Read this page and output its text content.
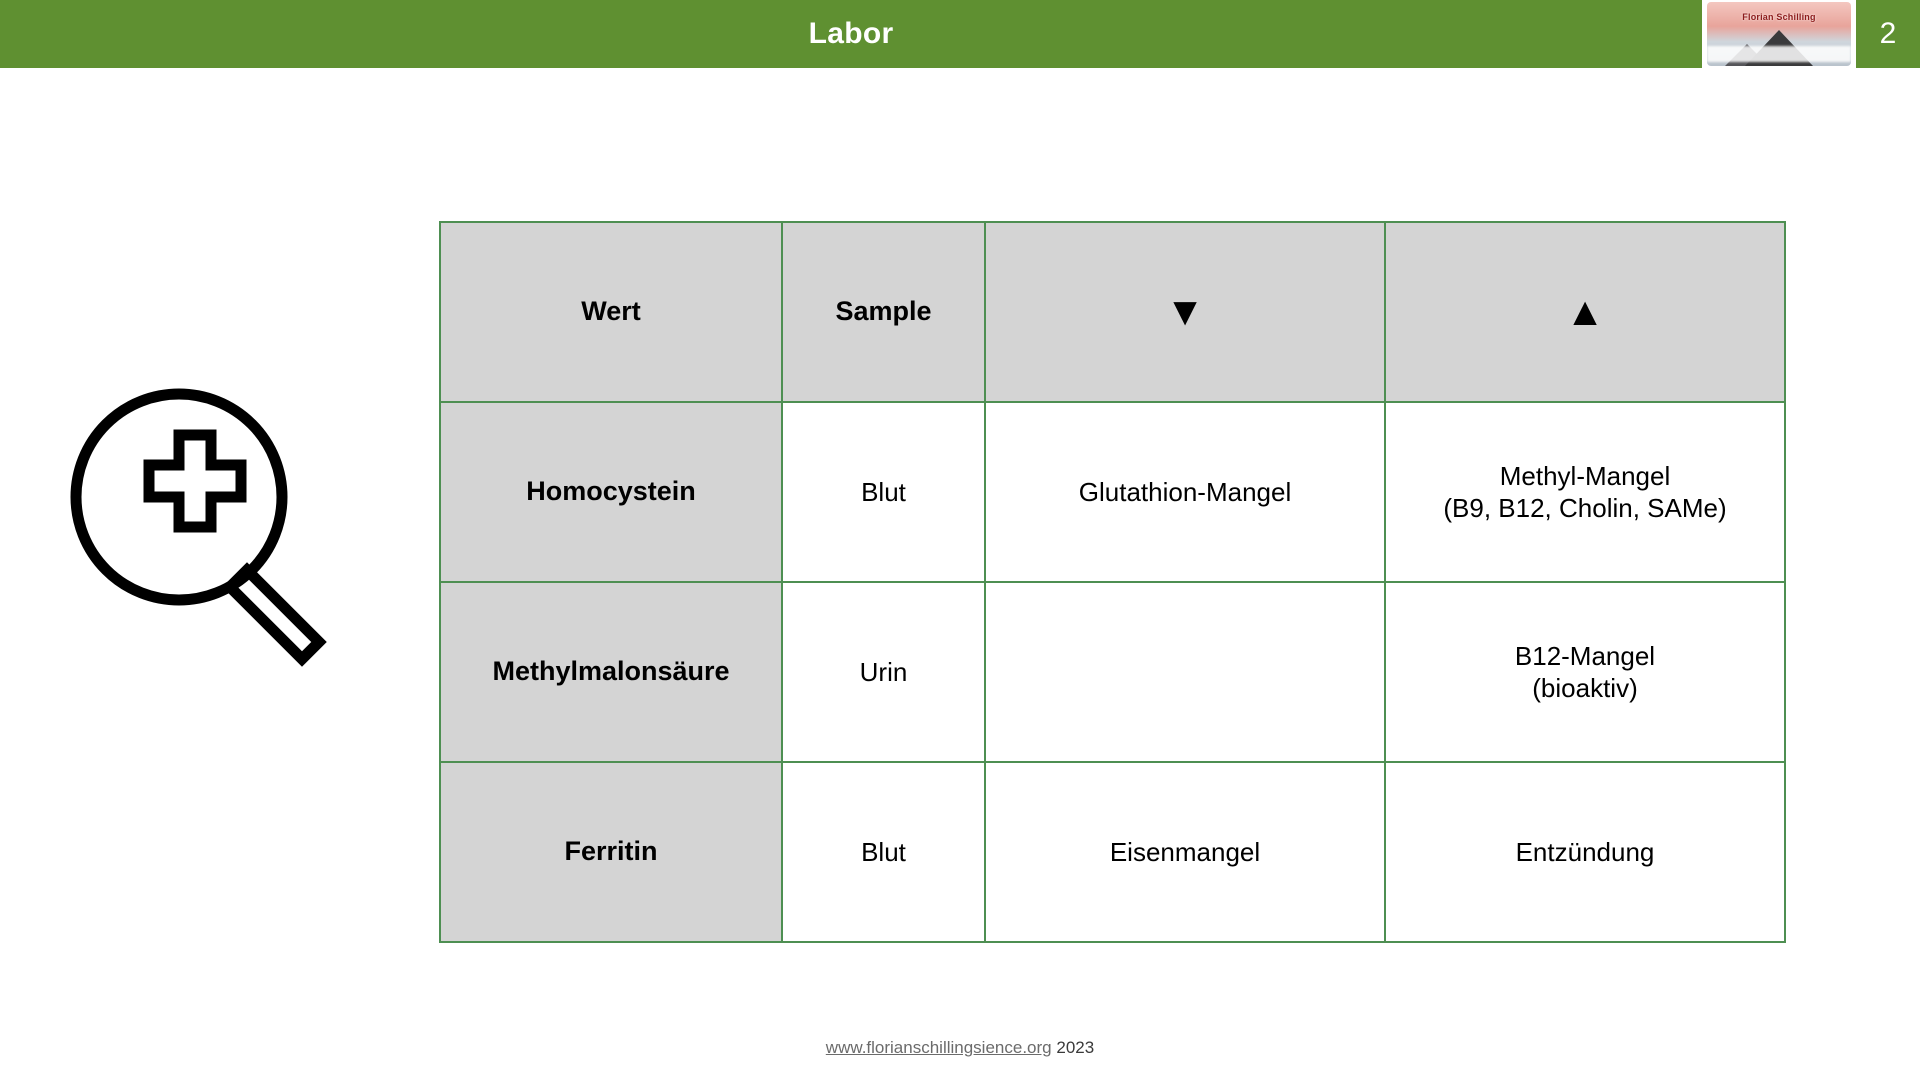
Labor	Florian Schilling	2
Wert	Sample	▼	▲
Homocystein	Blut	Glutathion-Mangel	Methyl-Mangel
(B9, B12, Cholin, SAMe)
Methylmalonsäure	Urin		B12-Mangel
(bioaktiv)
Ferritin	Blut	Eisenmangel	Entzündung
www.florianschillingsience.org 2023
